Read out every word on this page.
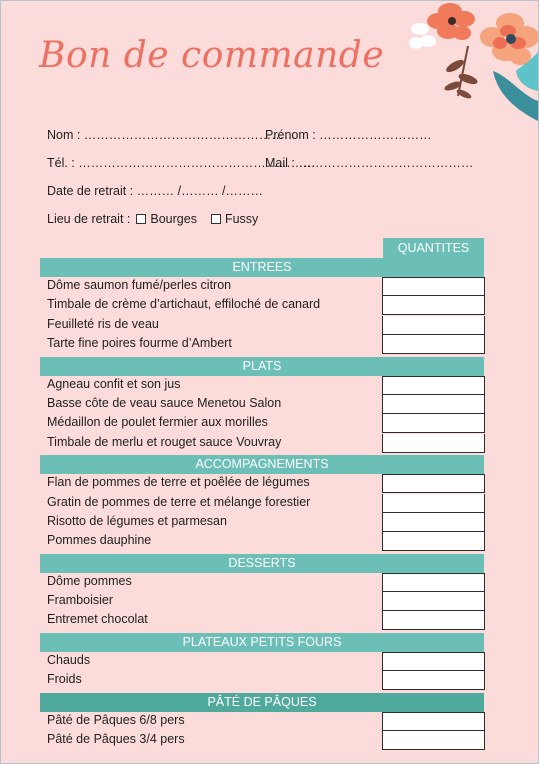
Bon de commande
Nom : ……………………………………………
Prénom : ………………………
Tél. : …………………………………………………
Mail : ……………………………………
Date de retrait : ……… /……… /………
Lieu de retrait : Bourges Fussy
QUANTITES
ENTREES
Dôme saumon fumé/perles citron
Timbale de crème d’artichaut, effiloché de canard
Feuilleté ris de veau
Tarte fine poires fourme d’Ambert
PLATS
Agneau confit et son jus
Basse côte de veau sauce Menetou Salon
Médaillon de poulet fermier aux morilles
Timbale de merlu et rouget sauce Vouvray
ACCOMPAGNEMENTS
Flan de pommes de terre et poêlée de légumes
Gratin de pommes de terre et mélange forestier
Risotto de légumes et parmesan
Pommes dauphine
DESSERTS
Dôme pommes
Framboisier
Entremet chocolat
PLATEAUX PETITS FOURS
Chauds
Froids
PÂTÉ DE PÂQUES
Pâté de Pâques 6/8 pers
Pâté de Pâques 3/4 pers
